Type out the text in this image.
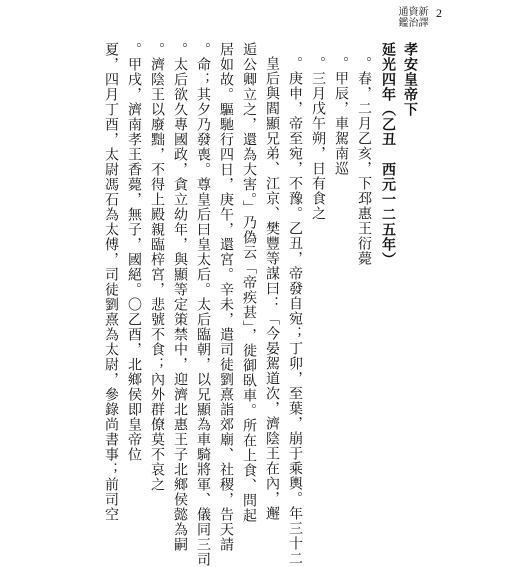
新譯資治通鑑	2
孝安皇帝下
延光四年（乙丑　西元一二五年）
春，二月乙亥，下邳惠王衍薨。
甲辰，車駕南巡。
三月戊午朔，日有食之。
庚申，帝至宛，不豫。乙丑，帝發自宛；丁卯，至葉，崩于乘輿。年三十二。
皇后與閻顯兄弟、江京、樊豐等謀曰：「今晏駕道次，濟陰王在內，邂
逅公卿立之，還為大害。」乃偽云「帝疾甚」，徙御臥車。所在上食、問起
居如故。驅馳行四日，庚午，還宮。辛未，遣司徒劉熹詣郊廟、社稷，告天請
命；其夕乃發喪。尊皇后曰皇太后。太后臨朝，以兄顯為車騎將軍、儀同三司。
太后欲久專國政，貪立幼年，與顯等定策禁中，迎濟北惠王子北鄉侯懿為嗣。
濟陰王以廢黜，不得上殿親臨梓宮，悲號不食；內外群僚莫不哀之。
甲戌，濟南孝王香薨，無子，國絕。〇乙酉，北鄉侯即皇帝位。
夏，四月丁酉，太尉馮石為太傅，司徒劉熹為太尉，參錄尚書事；前司空
